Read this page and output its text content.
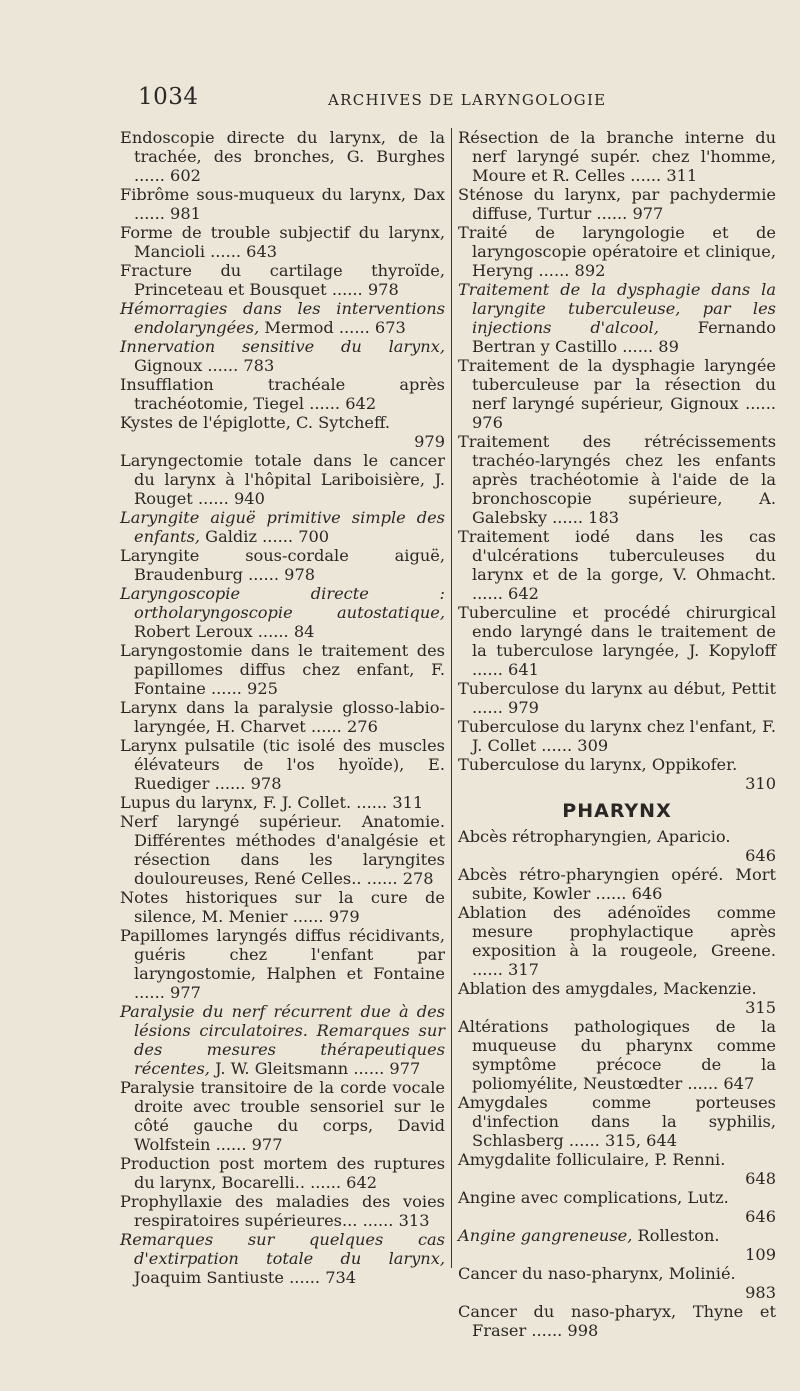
1034	ARCHIVES DE LARYNGOLOGIE
Endoscopie directe du larynx, de la trachée, des bronches, G. Burghes ...... 602
Fibrôme sous-muqueux du larynx, Dax ...... 981
Forme de trouble subjectif du larynx, Mancioli ...... 643
Fracture du cartilage thyroïde, Princeteau et Bousquet ...... 978
Hémorragies dans les interventions endolaryngées, Mermod ...... 673
Innervation sensitive du larynx, Gignoux ...... 783
Insufflation trachéale après trachéotomie, Tiegel ...... 642
Kystes de l'épiglotte, C. Sytcheff.
979
Laryngectomie totale dans le cancer du larynx à l'hôpital Lariboisière, J. Rouget ...... 940
Laryngite aiguë primitive simple des enfants, Galdiz ...... 700
Laryngite sous-cordale aiguë, Braudenburg ...... 978
Laryngoscopie directe : ortholaryngoscopie autostatique, Robert Leroux ...... 84
Laryngostomie dans le traitement des papillomes diffus chez enfant, F. Fontaine ...... 925
Larynx dans la paralysie glosso-labio-laryngée, H. Charvet ...... 276
Larynx pulsatile (tic isolé des muscles élévateurs de l'os hyoïde), E. Ruediger ...... 978
Lupus du larynx, F. J. Collet. ...... 311
Nerf laryngé supérieur. Anatomie. Différentes méthodes d'analgésie et résection dans les laryngites douloureuses, René Celles.. ...... 278
Notes historiques sur la cure de silence, M. Menier ...... 979
Papillomes laryngés diffus récidivants, guéris chez l'enfant par laryngostomie, Halphen et Fontaine ...... 977
Paralysie du nerf récurrent due à des lésions circulatoires. Remarques sur des mesures thérapeutiques récentes, J. W. Gleitsmann ...... 977
Paralysie transitoire de la corde vocale droite avec trouble sensoriel sur le côté gauche du corps, David Wolfstein ...... 977
Production post mortem des ruptures du larynx, Bocarelli.. ...... 642
Prophyllaxie des maladies des voies respiratoires supérieures... ...... 313
Remarques sur quelques cas d'extirpation totale du larynx, Joaquim Santiuste ...... 734
Résection de la branche interne du nerf laryngé supér. chez l'homme, Moure et R. Celles ...... 311
Sténose du larynx, par pachydermie diffuse, Turtur ...... 977
Traité de laryngologie et de laryngoscopie opératoire et clinique, Heryng ...... 892
Traitement de la dysphagie dans la laryngite tuberculeuse, par les injections d'alcool, Fernando Bertran y Castillo ...... 89
Traitement de la dysphagie laryngée tuberculeuse par la résection du nerf laryngé supérieur, Gignoux ...... 976
Traitement des rétrécissements trachéo-laryngés chez les enfants après trachéotomie à l'aide de la bronchoscopie supérieure, A. Galebsky ...... 183
Traitement iodé dans les cas d'ulcérations tuberculeuses du larynx et de la gorge, V. Ohmacht. ...... 642
Tuberculine et procédé chirurgical endo laryngé dans le traitement de la tuberculose laryngée, J. Kopyloff ...... 641
Tuberculose du larynx au début, Pettit ...... 979
Tuberculose du larynx chez l'enfant, F. J. Collet ...... 309
Tuberculose du larynx, Oppikofer.
310
PHARYNX
Abcès rétropharyngien, Aparicio.
646
Abcès rétro-pharyngien opéré. Mort subite, Kowler ...... 646
Ablation des adénoïdes comme mesure prophylactique après exposition à la rougeole, Greene. ...... 317
Ablation des amygdales, Mackenzie.
315
Altérations pathologiques de la muqueuse du pharynx comme symptôme précoce de la poliomyélite, Neustœdter ...... 647
Amygdales comme porteuses d'infection dans la syphilis, Schlasberg ...... 315, 644
Amygdalite folliculaire, P. Renni.
648
Angine avec complications, Lutz.
646
Angine gangreneuse, Rolleston.
109
Cancer du naso-pharynx, Molinié.
983
Cancer du naso-pharyx, Thyne et Fraser ...... 998
